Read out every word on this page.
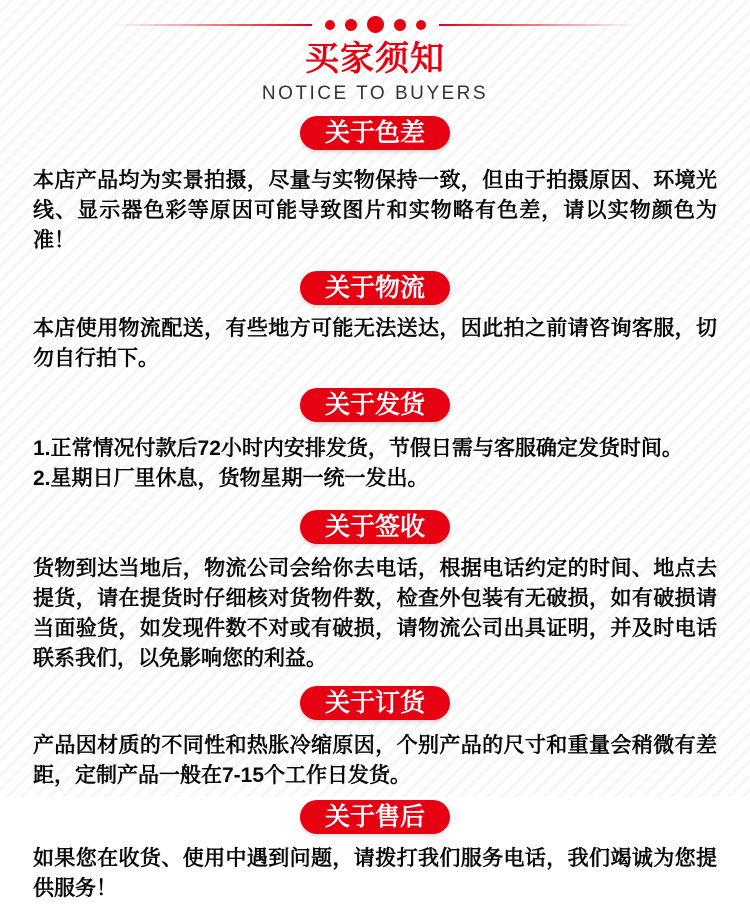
买家须知
NOTICE TO BUYERS
关于色差

本店产品均为实景拍摄，尽量与实物保持一致，但由于拍摄原因、环境光线、显示器色彩等原因可能导致图片和实物略有色差，请以实物颜色为准！

关于物流

本店使用物流配送，有些地方可能无法送达，因此拍之前请咨询客服，切勿自行拍下。

关于发货

1.正常情况付款后72小时内安排发货，节假日需与客服确定发货时间。

2.星期日厂里休息，货物星期一统一发出。

关于签收

货物到达当地后，物流公司会给你去电话，根据电话约定的时间、地点去提货，请在提货时仔细核对货物件数，检查外包装有无破损，如有破损请当面验货，如发现件数不对或有破损，请物流公司出具证明，并及时电话联系我们，以免影响您的利益。

关于订货

产品因材质的不同性和热胀冷缩原因，个别产品的尺寸和重量会稍微有差距，定制产品一般在7-15个工作日发货。

关于售后

如果您在收货、使用中遇到问题，请拨打我们服务电话，我们竭诚为您提供服务！
